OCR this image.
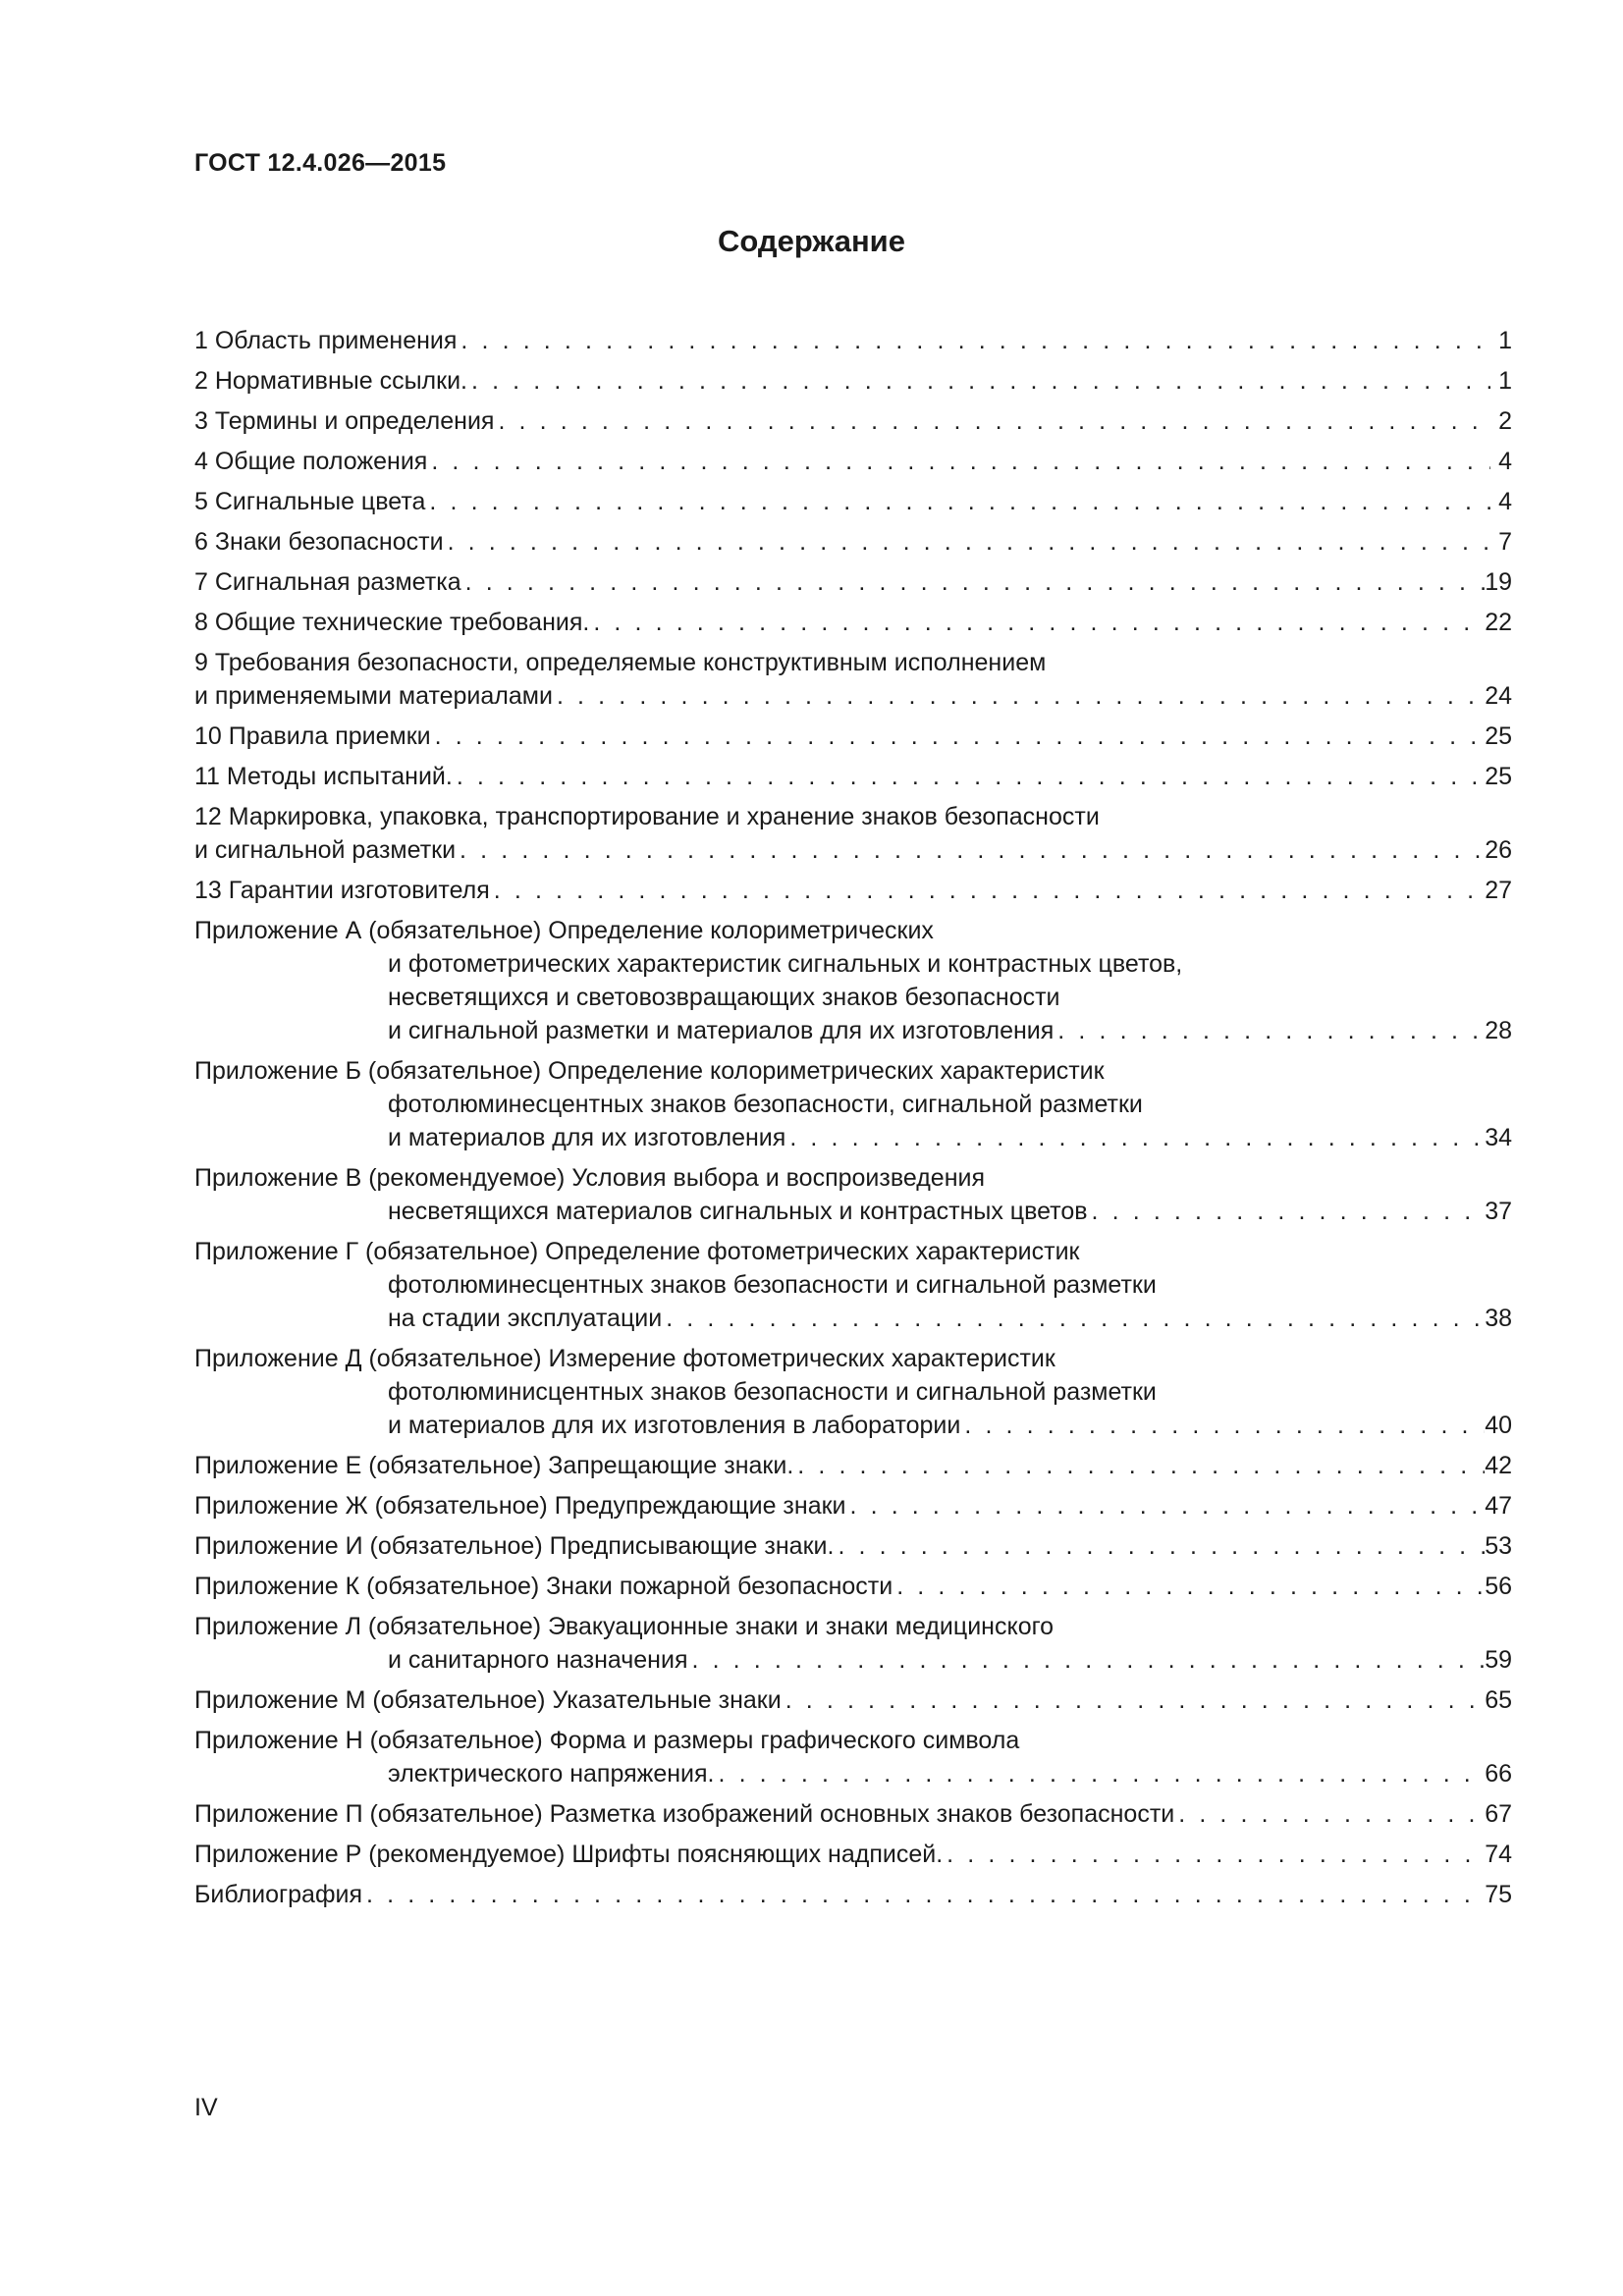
ГОСТ 12.4.026—2015
Содержание
1 Область применения . . .	1
2 Нормативные ссылки. . . .	1
3 Термины и определения . . .	2
4 Общие положения . . .	4
5 Сигнальные цвета . . .	4
6 Знаки безопасности . . .	7
7 Сигнальная разметка . . .	19
8 Общие технические требования. . . .	22
9 Требования безопасности, определяемые конструктивным исполнением
и применяемыми материалами . . .	24
10 Правила приемки . . .	25
11 Методы испытаний. . . .	25
12 Маркировка, упаковка, транспортирование и хранение знаков безопасности
и сигнальной разметки . . .	26
13 Гарантии изготовителя . . .	27
Приложение А (обязательное) Определение колориметрических
и фотометрических характеристик сигнальных и контрастных цветов,
несветящихся и световозвращающих знаков безопасности
и сигнальной разметки и материалов для их изготовления . . .	28
Приложение Б (обязательное) Определение колориметрических характеристик
фотолюминесцентных знаков безопасности, сигнальной разметки
и материалов для их изготовления . . .	34
Приложение В (рекомендуемое) Условия выбора и воспроизведения
несветящихся материалов сигнальных и контрастных цветов . . .	37
Приложение Г (обязательное) Определение фотометрических характеристик
фотолюминесцентных знаков безопасности и сигнальной разметки
на стадии эксплуатации . . .	38
Приложение Д (обязательное) Измерение фотометрических характеристик
фотолюминисцентных знаков безопасности и сигнальной разметки
и материалов для их изготовления в лаборатории . . .	40
Приложение Е (обязательное) Запрещающие знаки. . . .	42
Приложение Ж (обязательное) Предупреждающие знаки . . .	47
Приложение И (обязательное) Предписывающие знаки. . . .	53
Приложение К (обязательное) Знаки пожарной безопасности . . .	56
Приложение Л (обязательное) Эвакуационные знаки и знаки медицинского
и санитарного назначения . . .	59
Приложение М (обязательное) Указательные знаки . . .	65
Приложение Н (обязательное) Форма и размеры графического символа
электрического напряжения. . . .	66
Приложение П (обязательное) Разметка изображений основных знаков безопасности . . .	67
Приложение Р (рекомендуемое) Шрифты поясняющих надписей. . . .	74
Библиография . . .	75
IV
